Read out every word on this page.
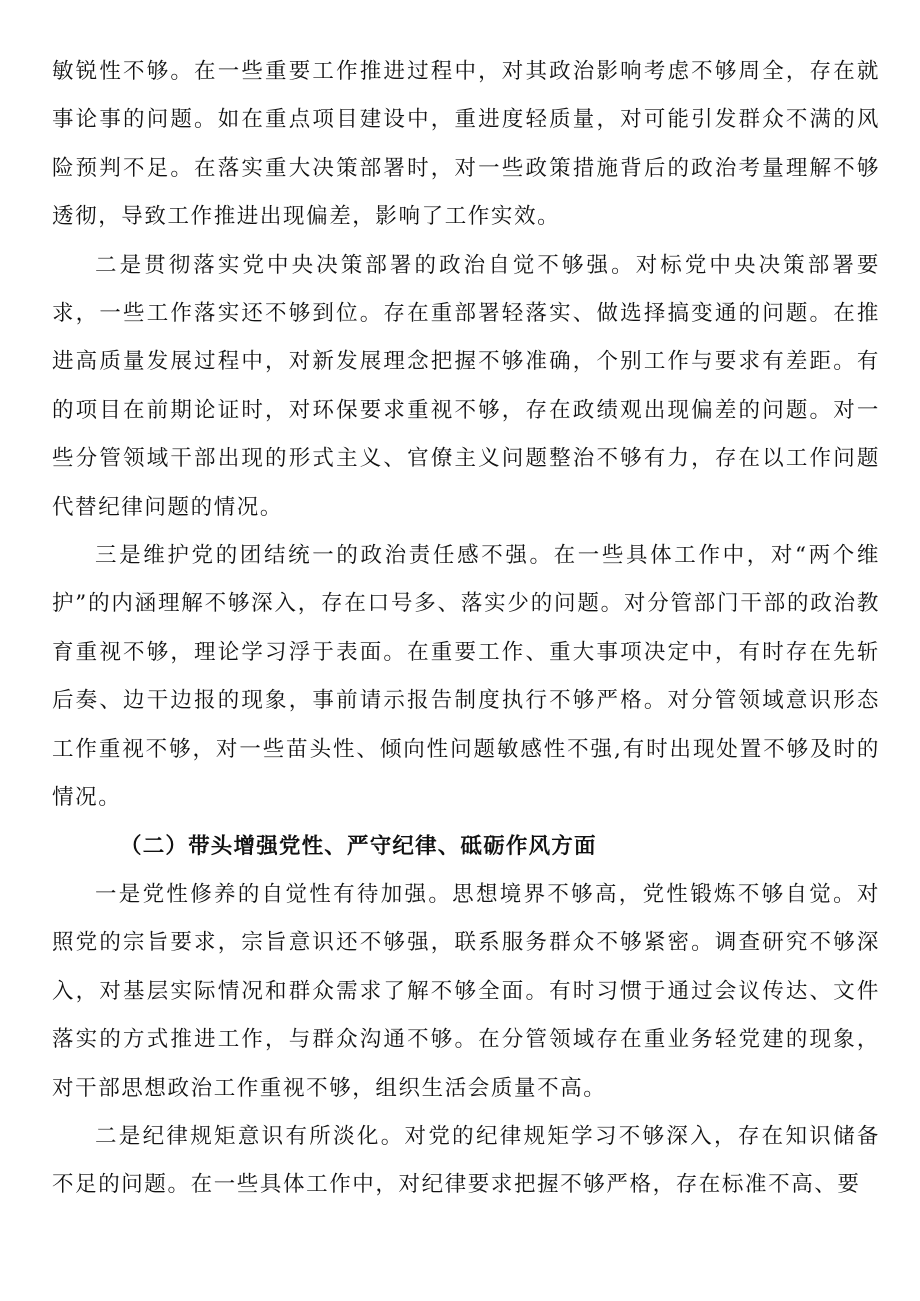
敏锐性不够。在一些重要工作推进过程中，对其政治影响考虑不够周全，存在就事论事的问题。如在重点项目建设中，重进度轻质量，对可能引发群众不满的风险预判不足。在落实重大决策部署时，对一些政策措施背后的政治考量理解不够透彻，导致工作推进出现偏差，影响了工作实效。

二是贯彻落实党中央决策部署的政治自觉不够强。对标党中央决策部署要求，一些工作落实还不够到位。存在重部署轻落实、做选择搞变通的问题。在推进高质量发展过程中，对新发展理念把握不够准确，个别工作与要求有差距。有的项目在前期论证时，对环保要求重视不够，存在政绩观出现偏差的问题。对一些分管领域干部出现的形式主义、官僚主义问题整治不够有力，存在以工作问题代替纪律问题的情况。

三是维护党的团结统一的政治责任感不强。在一些具体工作中，对“两个维护”的内涵理解不够深入，存在口号多、落实少的问题。对分管部门干部的政治教育重视不够，理论学习浮于表面。在重要工作、重大事项决定中，有时存在先斩后奏、边干边报的现象，事前请示报告制度执行不够严格。对分管领域意识形态工作重视不够，对一些苗头性、倾向性问题敏感性不强,有时出现处置不够及时的情况。

（二）带头增强党性、严守纪律、砥砺作风方面

一是党性修养的自觉性有待加强。思想境界不够高，党性锻炼不够自觉。对照党的宗旨要求，宗旨意识还不够强，联系服务群众不够紧密。调查研究不够深入，对基层实际情况和群众需求了解不够全面。有时习惯于通过会议传达、文件落实的方式推进工作，与群众沟通不够。在分管领域存在重业务轻党建的现象，对干部思想政治工作重视不够，组织生活会质量不高。

二是纪律规矩意识有所淡化。对党的纪律规矩学习不够深入，存在知识储备不足的问题。在一些具体工作中，对纪律要求把握不够严格，存在标准不高、要
